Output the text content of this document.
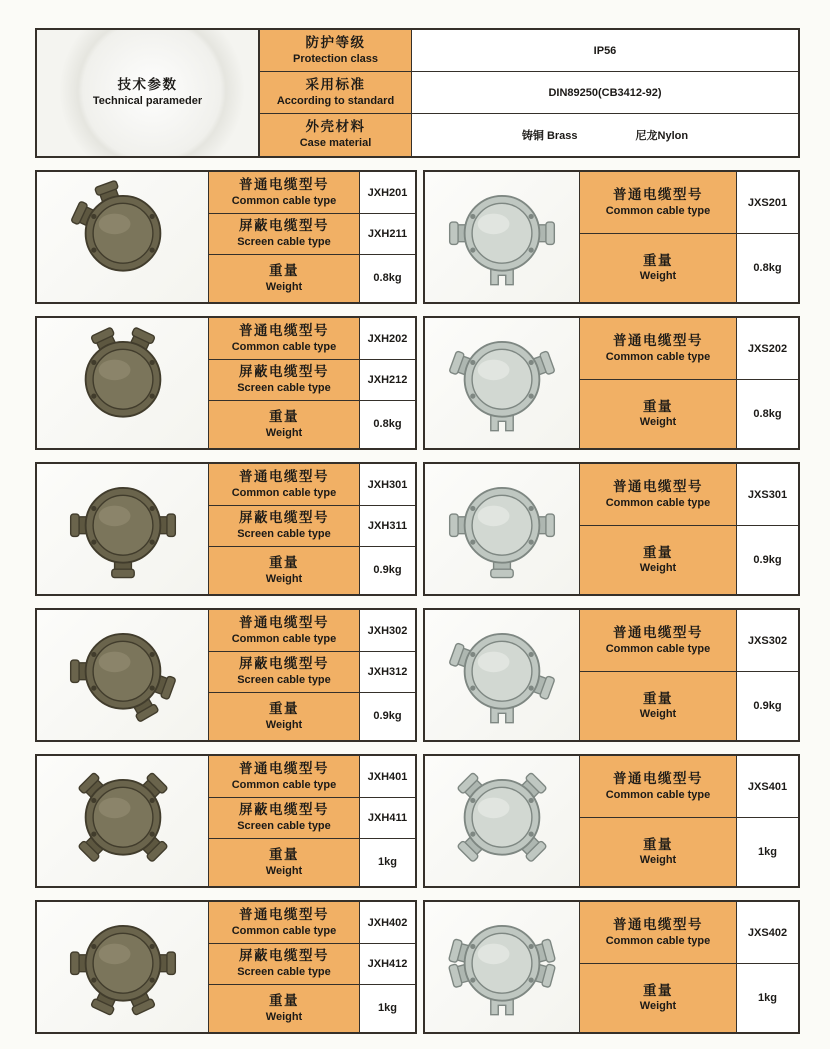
技术参数
Technical parameder
防护等级
Protection class
IP56
采用标准
According to standard
DIN89250(CB3412-92)
外壳材料
Case material
铸铜 Brass	尼龙Nylon
普通电缆型号
Common cable type
JXH201
屏蔽电缆型号
Screen cable type
JXH211
重量
Weight
0.8kg
普通电缆型号
Common cable type
JXS201
重量
Weight
0.8kg
普通电缆型号
Common cable type
JXH202
屏蔽电缆型号
Screen cable type
JXH212
重量
Weight
0.8kg
普通电缆型号
Common cable type
JXS202
重量
Weight
0.8kg
普通电缆型号
Common cable type
JXH301
屏蔽电缆型号
Screen cable type
JXH311
重量
Weight
0.9kg
普通电缆型号
Common cable type
JXS301
重量
Weight
0.9kg
普通电缆型号
Common cable type
JXH302
屏蔽电缆型号
Screen cable type
JXH312
重量
Weight
0.9kg
普通电缆型号
Common cable type
JXS302
重量
Weight
0.9kg
普通电缆型号
Common cable type
JXH401
屏蔽电缆型号
Screen cable type
JXH411
重量
Weight
1kg
普通电缆型号
Common cable type
JXS401
重量
Weight
1kg
普通电缆型号
Common cable type
JXH402
屏蔽电缆型号
Screen cable type
JXH412
重量
Weight
1kg
普通电缆型号
Common cable type
JXS402
重量
Weight
1kg
